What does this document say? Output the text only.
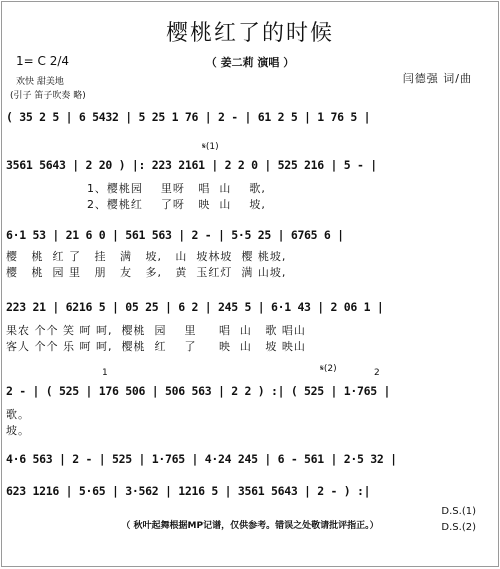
樱桃红了的时候
（ 姜二莉 演唱 ）
1= C 2/4
欢快 甜美地
(引子 笛子吹奏 略)
闫德强 词/曲
( 35 2 5 | 6 5432 | 5 25 1 76 | 2 - | 61 2 5 | 1 76 5 |
𝄋(1)
3561 5643 | 2 20 ) |: 223 2161 | 2 2 0 | 525 216 | 5 - |
1、樱桃园    里呀   唱  山    歌,
2、樱桃红    了呀   映  山    坡,
6·1 53 | 21 6 0 | 561 563 | 2 - | 5·5 25 | 6765 6 |
樱   桃  红 了   挂   满   坡,   山  坡林坡  樱 桃坡,
樱   桃  园 里   朋   友   多,   黄  玉红灯  满 山坡,
223 21 | 6216 5 | 05 25 | 6 2 | 245 5 | 6·1 43 | 2 06 1 |
果农 个个 笑 呵 呵,  樱桃  园    里     唱  山   歌 唱山
客人 个个 乐 呵 呵,  樱桃  红    了     映  山   坡 映山
1	𝄋(2)	2
2 - | ( 525 | 176 506 | 506 563 | 2 2 ) :| ( 525 | 1·765 |
歌。
坡。
4·6 563 | 2 - | 525 | 1·765 | 4·24 245 | 6 - 561 | 2·5 32 |
623 1216 | 5·65 | 3·562 | 1216 5 | 3561 5643 | 2 - ) :|
D.S.(1)
（ 秋叶起舞根据MP记谱，仅供参考。错误之处敬请批评指正。）	D.S.(2)
